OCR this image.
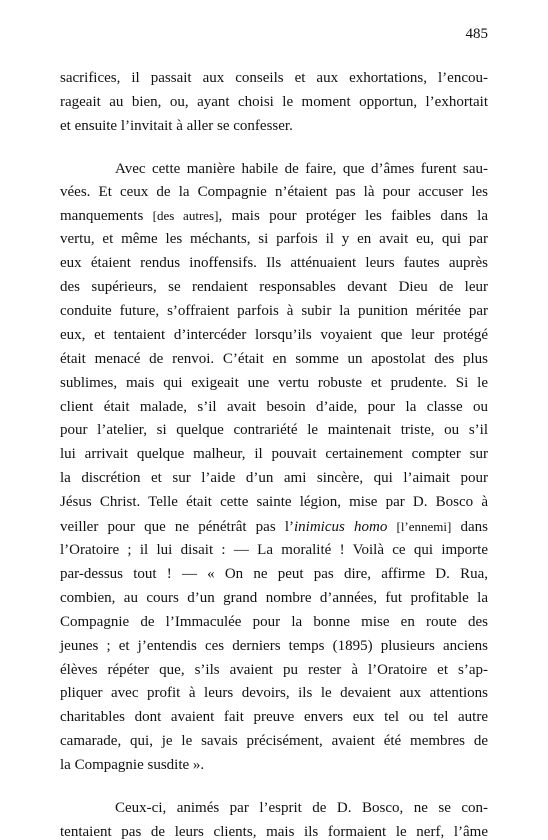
485
sacrifices, il passait aux conseils et aux exhortations, l’encou-
rageait au bien, ou, ayant choisi le moment opportun, l’exhortait
et ensuite l’invitait à aller se confesser.
Avec cette manière habile de faire, que d’âmes furent sau-
vées. Et ceux de la Compagnie n’étaient pas là pour accuser les
manquements [des autres], mais pour protéger les faibles dans la
vertu, et même les méchants, si parfois il y en avait eu, qui par
eux étaient rendus inoffensifs. Ils atténuaient leurs fautes auprès
des supérieurs, se rendaient responsables devant Dieu de leur
conduite future, s’offraient parfois à subir la punition méritée par
eux, et tentaient d’intercéder lorsqu’ils voyaient que leur protégé
était menacé de renvoi. C’était en somme un apostolat des plus
sublimes, mais qui exigeait une vertu robuste et prudente. Si le
client était malade, s’il avait besoin d’aide, pour la classe ou
pour l’atelier, si quelque contrariété le maintenait triste, ou s’il
lui arrivait quelque malheur, il pouvait certainement compter sur
la discrétion et sur l’aide d’un ami sincère, qui l’aimait pour
Jésus Christ. Telle était cette sainte légion, mise par D. Bosco à
veiller pour que ne pénétrât pas l’inimicus homo [l’ennemi] dans
l’Oratoire ; il lui disait : — La moralité ! Voilà ce qui importe
par-dessus tout ! — « On ne peut pas dire, affirme D. Rua,
combien, au cours d’un grand nombre d’années, fut profitable la
Compagnie de l’Immaculée pour la bonne mise en route des
jeunes ; et j’entendis ces derniers temps (1895) plusieurs anciens
élèves répéter que, s’ils avaient pu rester à l’Oratoire et s’ap-
pliquer avec profit à leurs devoirs, ils le devaient aux attentions
charitables dont avaient fait preuve envers eux tel ou tel autre
camarade, qui, je le savais précisément, avaient été membres de
la Compagnie susdite ».
Ceux-ci, animés par l’esprit de D. Bosco, ne se con-
tentaient pas de leurs clients, mais ils formaient le nerf, l’âme
